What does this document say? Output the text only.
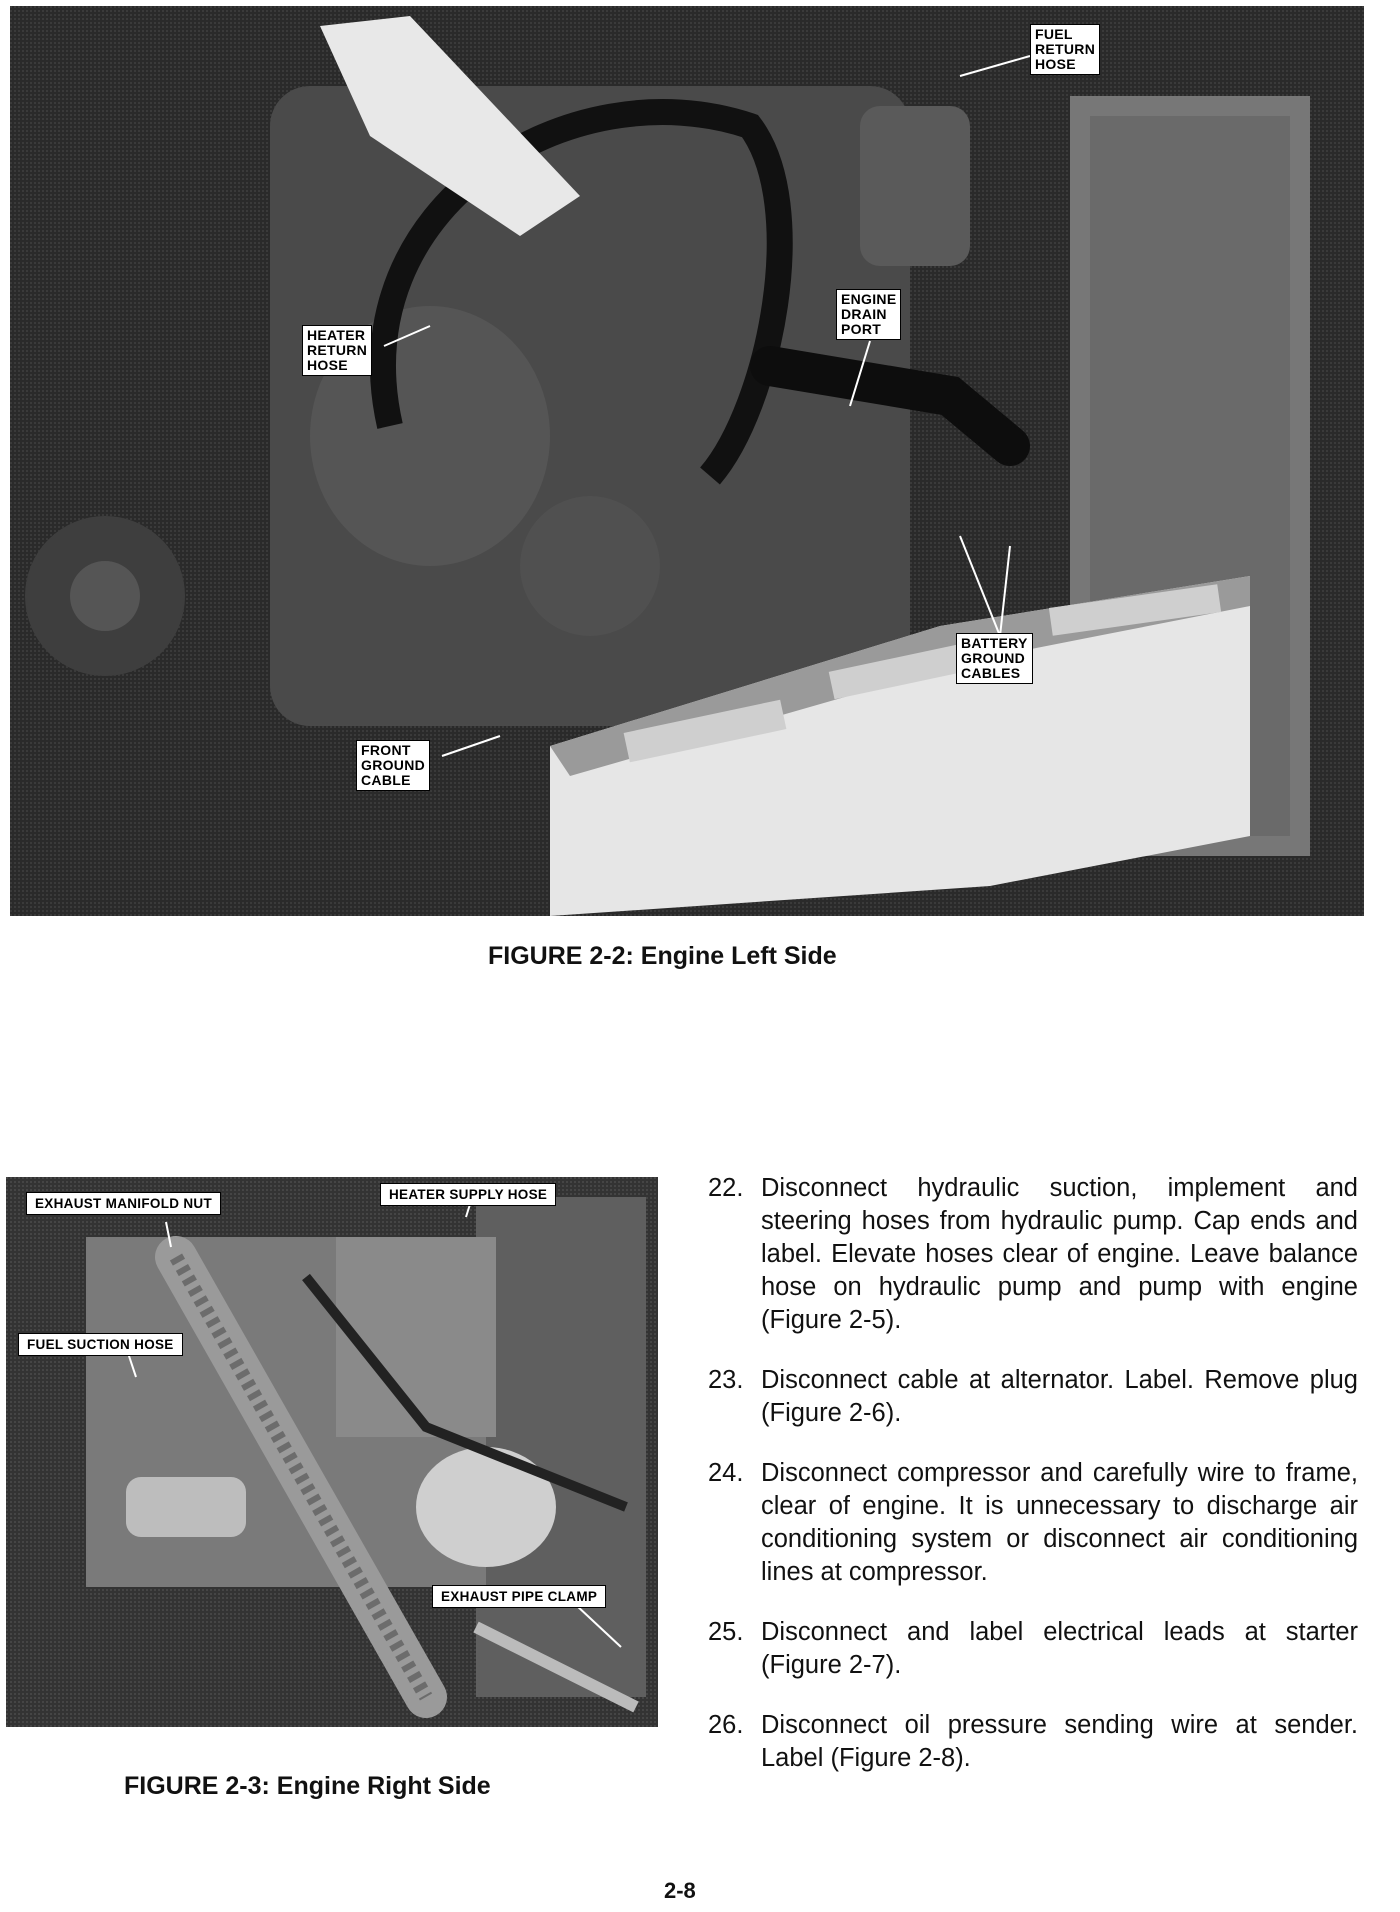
FUEL
RETURN
HOSE
HEATER
RETURN
HOSE
ENGINE
DRAIN
PORT
BATTERY
GROUND
CABLES
FRONT
GROUND
CABLE
FIGURE 2-2: Engine Left Side
EXHAUST MANIFOLD NUT
HEATER SUPPLY HOSE
FUEL SUCTION HOSE
EXHAUST PIPE CLAMP
FIGURE 2-3: Engine Right Side
22. Disconnect hydraulic suction, implement and steering hoses from hydraulic pump. Cap ends and label. Elevate hoses clear of engine. Leave balance hose on hydraulic pump and pump with engine (Figure 2-5).
23. Disconnect cable at alternator. Label. Remove plug (Figure 2-6).
24. Disconnect compressor and carefully wire to frame, clear of engine. It is unnecessary to discharge air conditioning system or disconnect air conditioning lines at compressor.
25. Disconnect and label electrical leads at starter (Figure 2-7).
26. Disconnect oil pressure sending wire at sender. Label (Figure 2-8).
2-8
